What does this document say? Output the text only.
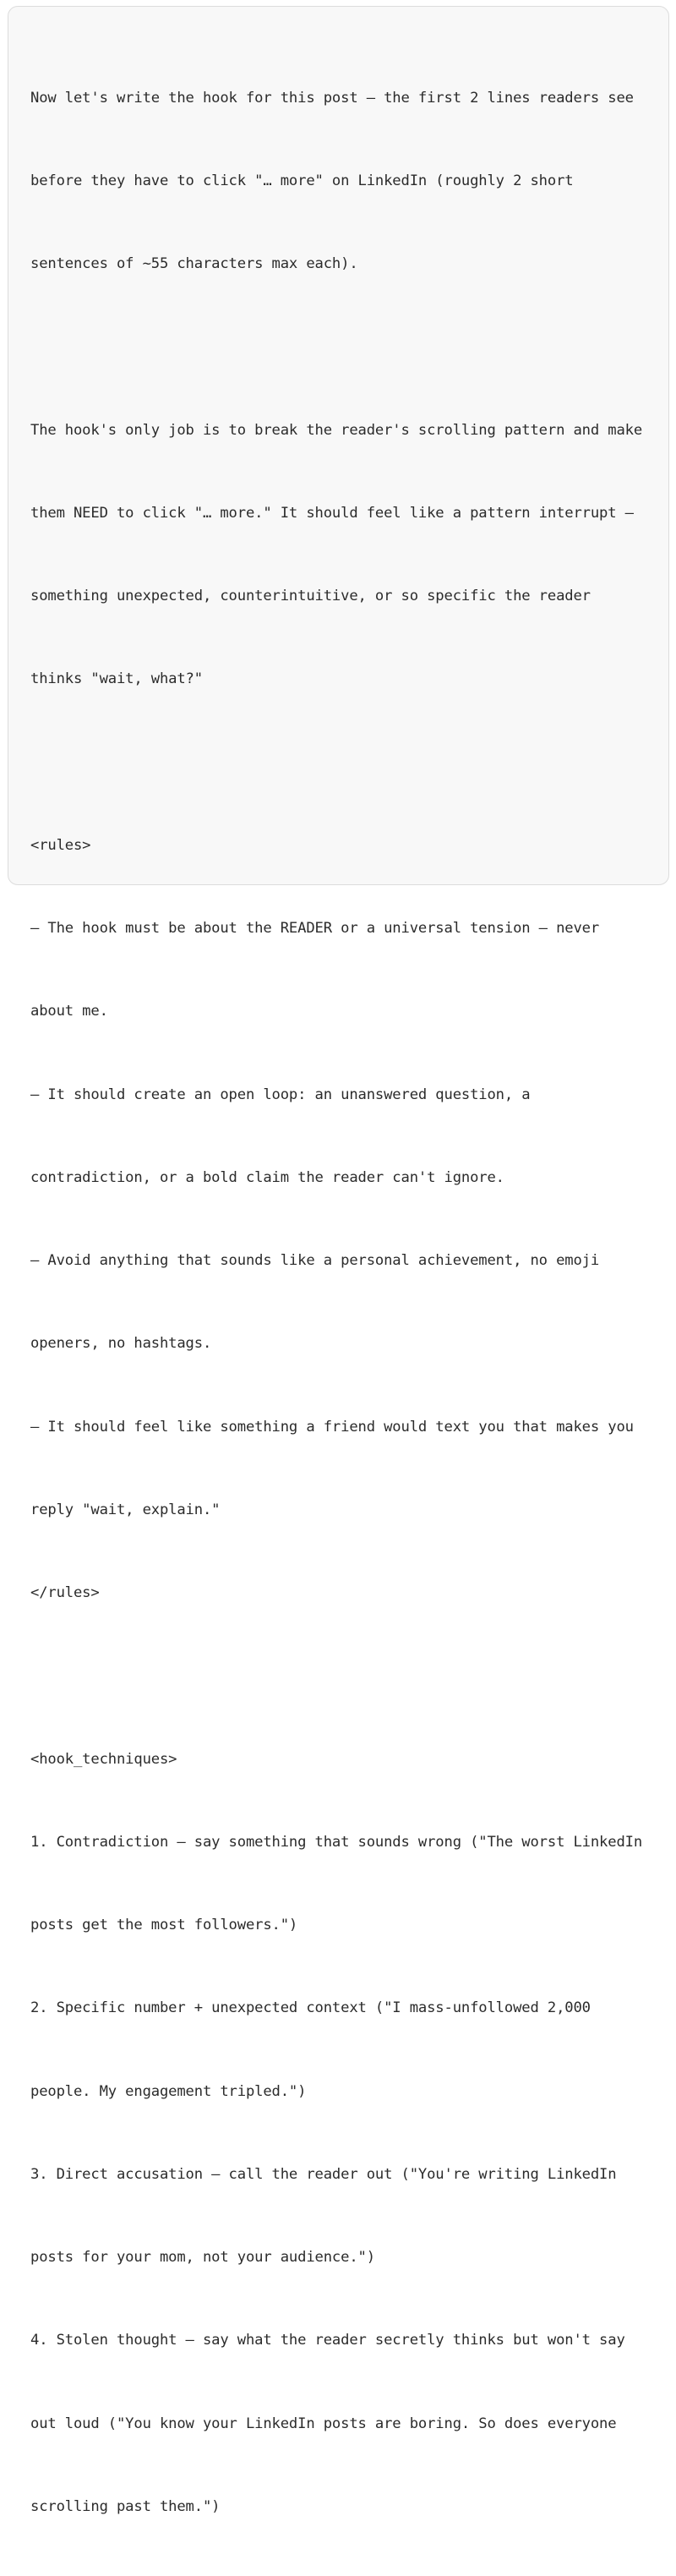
Now let's write the hook for this post — the first 2 lines readers see

before they have to click "… more" on LinkedIn (roughly 2 short

sentences of ~55 characters max each).

The hook's only job is to break the reader's scrolling pattern and make

them NEED to click "… more." It should feel like a pattern interrupt —

something unexpected, counterintuitive, or so specific the reader

thinks "wait, what?"

<rules>

– The hook must be about the READER or a universal tension — never

about me.

– It should create an open loop: an unanswered question, a

contradiction, or a bold claim the reader can't ignore.

– Avoid anything that sounds like a personal achievement, no emoji

openers, no hashtags.

– It should feel like something a friend would text you that makes you

reply "wait, explain."

</rules>

<hook_techniques>

1. Contradiction — say something that sounds wrong ("The worst LinkedIn

posts get the most followers.")

2. Specific number + unexpected context ("I mass-unfollowed 2,000

people. My engagement tripled.")

3. Direct accusation — call the reader out ("You're writing LinkedIn

posts for your mom, not your audience.")

4. Stolen thought — say what the reader secretly thinks but won't say

out loud ("You know your LinkedIn posts are boring. So does everyone

scrolling past them.")
